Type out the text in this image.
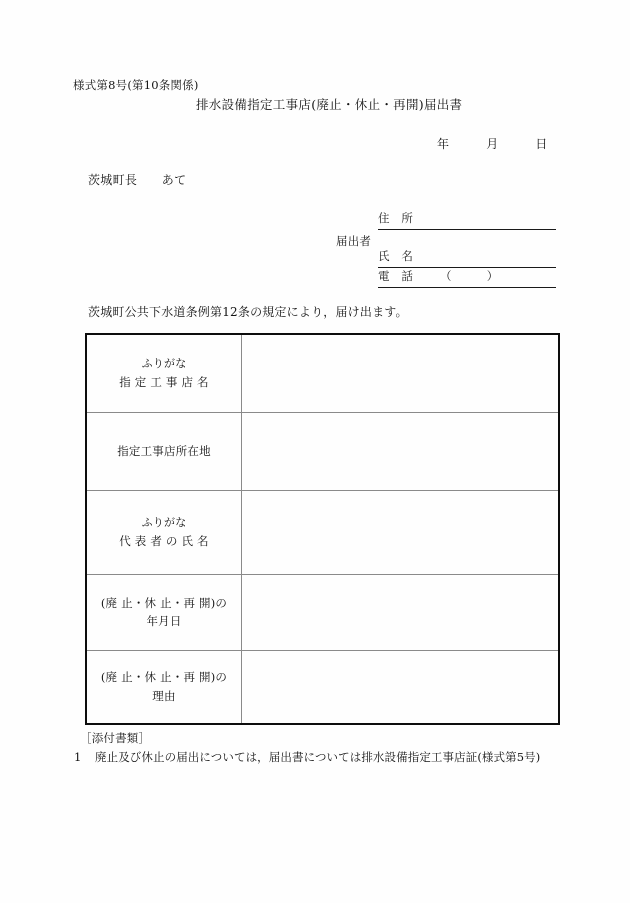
様式第8号(第10条関係)
排水設備指定工事店(廃止・休止・再開)届出書
年　　　月　　　日
茨城町長　　あて
届出者
住　所
氏　名
電　話 （　　　）
茨城町公共下水道条例第12条の規定により，届け出ます。
ふりがな
指 定 工 事 店 名	

指定工事店所在地	

ふりがな
代 表 者 の 氏 名	

(廃 止・休 止・再 開)の
年月日	

(廃 止・休 止・再 開)の
理由	

［添付書類］
1 廃止及び休止の届出については，届出書については排水設備指定工事店証(様式第5号)
